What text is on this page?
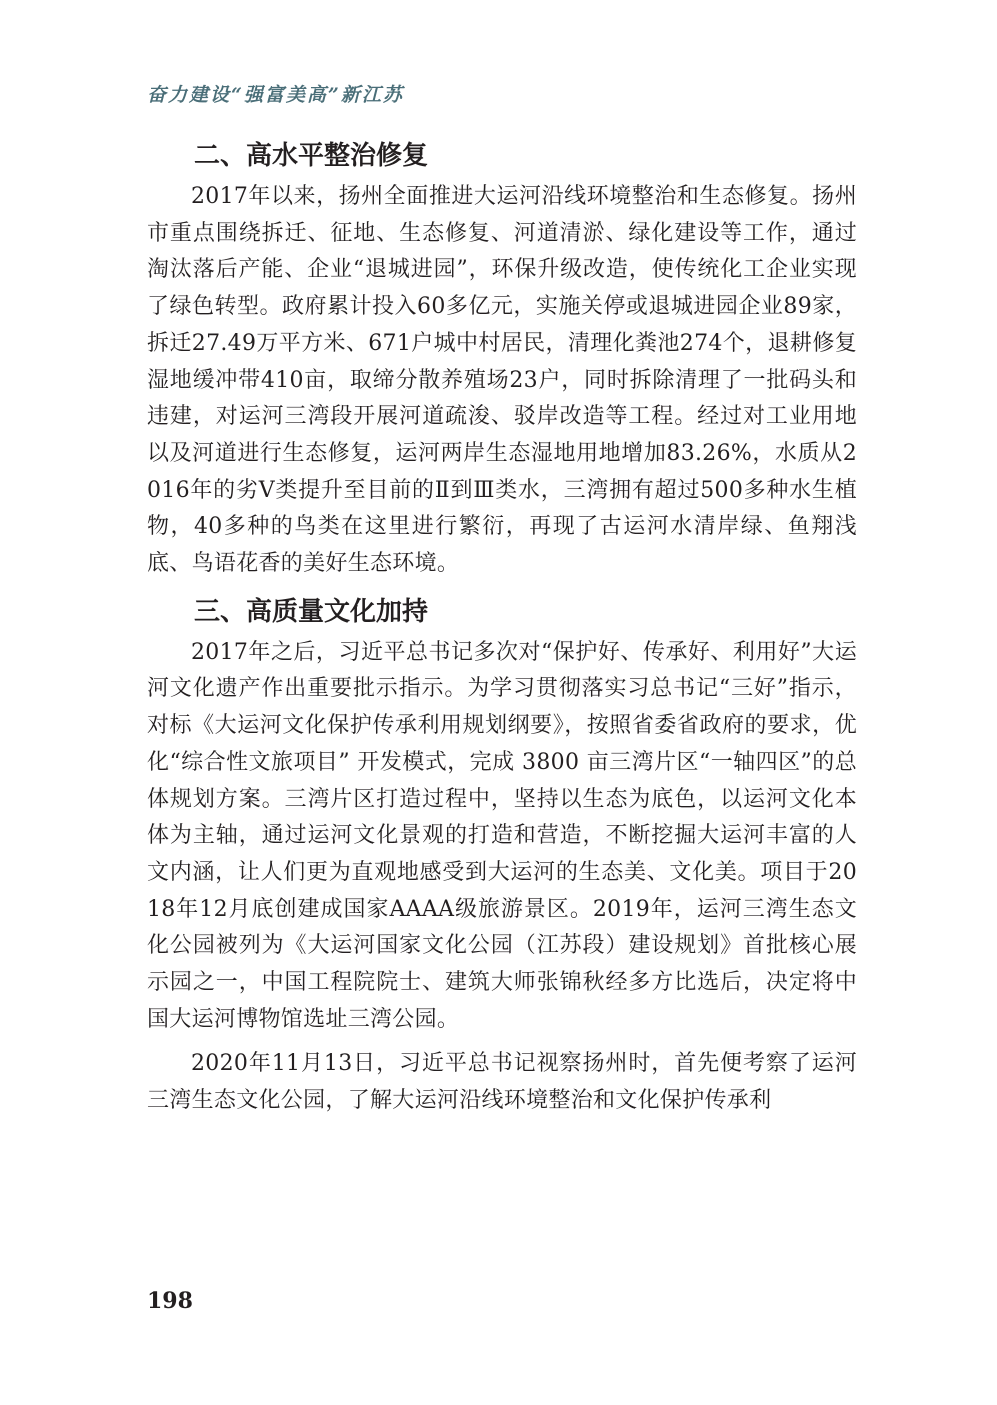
奋力建设“强富美高”新江苏
二、高水平整治修复

2017年以来，扬州全面推进大运河沿线环境整治和生态修复。扬州市重点围绕拆迁、征地、生态修复、河道清淤、绿化建设等工作，通过淘汰落后产能、企业“退城进园”，环保升级改造，使传统化工企业实现了绿色转型。政府累计投入60多亿元，实施关停或退城进园企业89家，拆迁27.49万平方米、671户城中村居民，清理化粪池274个，退耕修复湿地缓冲带410亩，取缔分散养殖场23户，同时拆除清理了一批码头和违建，对运河三湾段开展河道疏浚、驳岸改造等工程。经过对工业用地以及河道进行生态修复，运河两岸生态湿地用地增加83.26%，水质从2016年的劣Ⅴ类提升至目前的Ⅱ到Ⅲ类水，三湾拥有超过500多种水生植物，40多种的鸟类在这里进行繁衍，再现了古运河水清岸绿、鱼翔浅底、鸟语花香的美好生态环境。

三、高质量文化加持

2017年之后，习近平总书记多次对“保护好、传承好、利用好”大运河文化遗产作出重要批示指示。为学习贯彻落实习总书记“三好”指示，对标《大运河文化保护传承利用规划纲要》，按照省委省政府的要求，优化“综合性文旅项目” 开发模式，完成 3800 亩三湾片区“一轴四区”的总体规划方案。三湾片区打造过程中，坚持以生态为底色，以运河文化本体为主轴，通过运河文化景观的打造和营造，不断挖掘大运河丰富的人文内涵，让人们更为直观地感受到大运河的生态美、文化美。项目于2018年12月底创建成国家AAAA级旅游景区。2019年，运河三湾生态文化公园被列为《大运河国家文化公园（江苏段）建设规划》首批核心展示园之一，中国工程院院士、建筑大师张锦秋经多方比选后，决定将中国大运河博物馆选址三湾公园。

2020年11月13日，习近平总书记视察扬州时，首先便考察了运河三湾生态文化公园，了解大运河沿线环境整治和文化保护传承利

198
